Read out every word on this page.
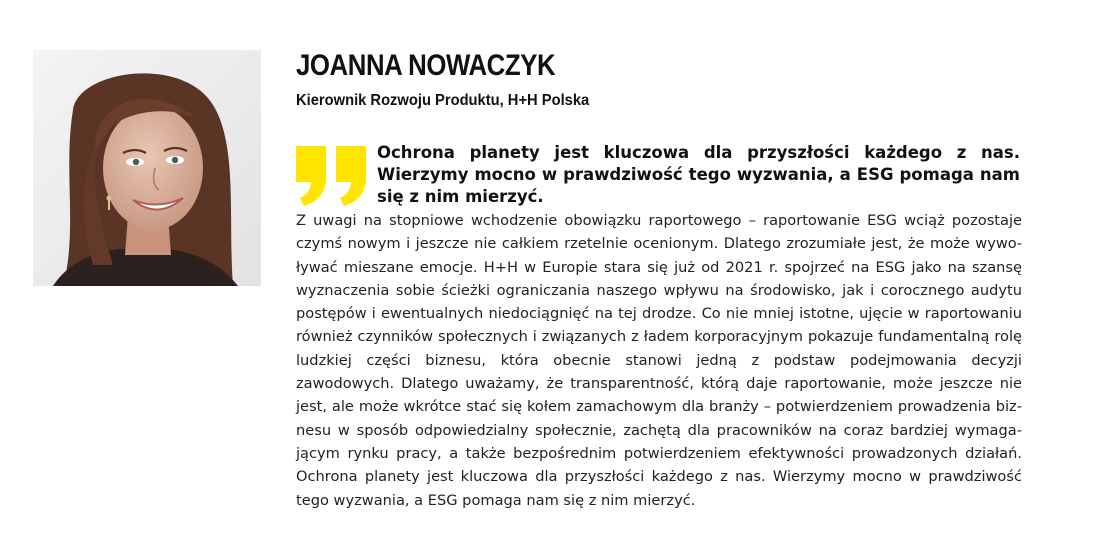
JOANNA NOWACZYK
Kierownik Rozwoju Produktu, H+H Polska

Ochrona planety jest kluczowa dla przyszłości każdego z nas. Wierzymy mocno w prawdziwość tego wyzwania, a ESG pomaga nam się z nim mierzyć.

Z uwagi na stopniowe wchodzenie obowiązku raportowego – raportowanie ESG wciąż pozostaje czymś nowym i jeszcze nie całkiem rzetelnie ocenionym. Dlatego zrozumiałe jest, że może wywoływać mieszane emocje. H+H w Europie stara się już od 2021 r. spojrzeć na ESG jako na szansę wyznaczenia sobie ścieżki ograniczania naszego wpływu na środowisko, jak i corocznego audytu postępów i ewentualnych niedociągnięć na tej drodze. Co nie mniej istotne, ujęcie w raportowaniu również czynników społecznych i związanych z ładem korporacyjnym pokazuje fundamentalną rolę ludzkiej części biznesu, która obecnie stanowi jedną z podstaw podejmowania decyzji zawodowych. Dlatego uważamy, że transparentność, którą daje raportowanie, może jeszcze nie jest, ale może wkrótce stać się kołem zamachowym dla branży – potwierdzeniem prowadzenia biznesu w sposób odpowiedzialny społecznie, zachętą dla pracowników na coraz bardziej wymagającym rynku pracy, a także bezpośrednim potwierdzeniem efektywności prowadzonych działań. Ochrona planety jest kluczowa dla przyszłości każdego z nas. Wierzymy mocno w prawdziwość tego wyzwania, a ESG pomaga nam się z nim mierzyć.
